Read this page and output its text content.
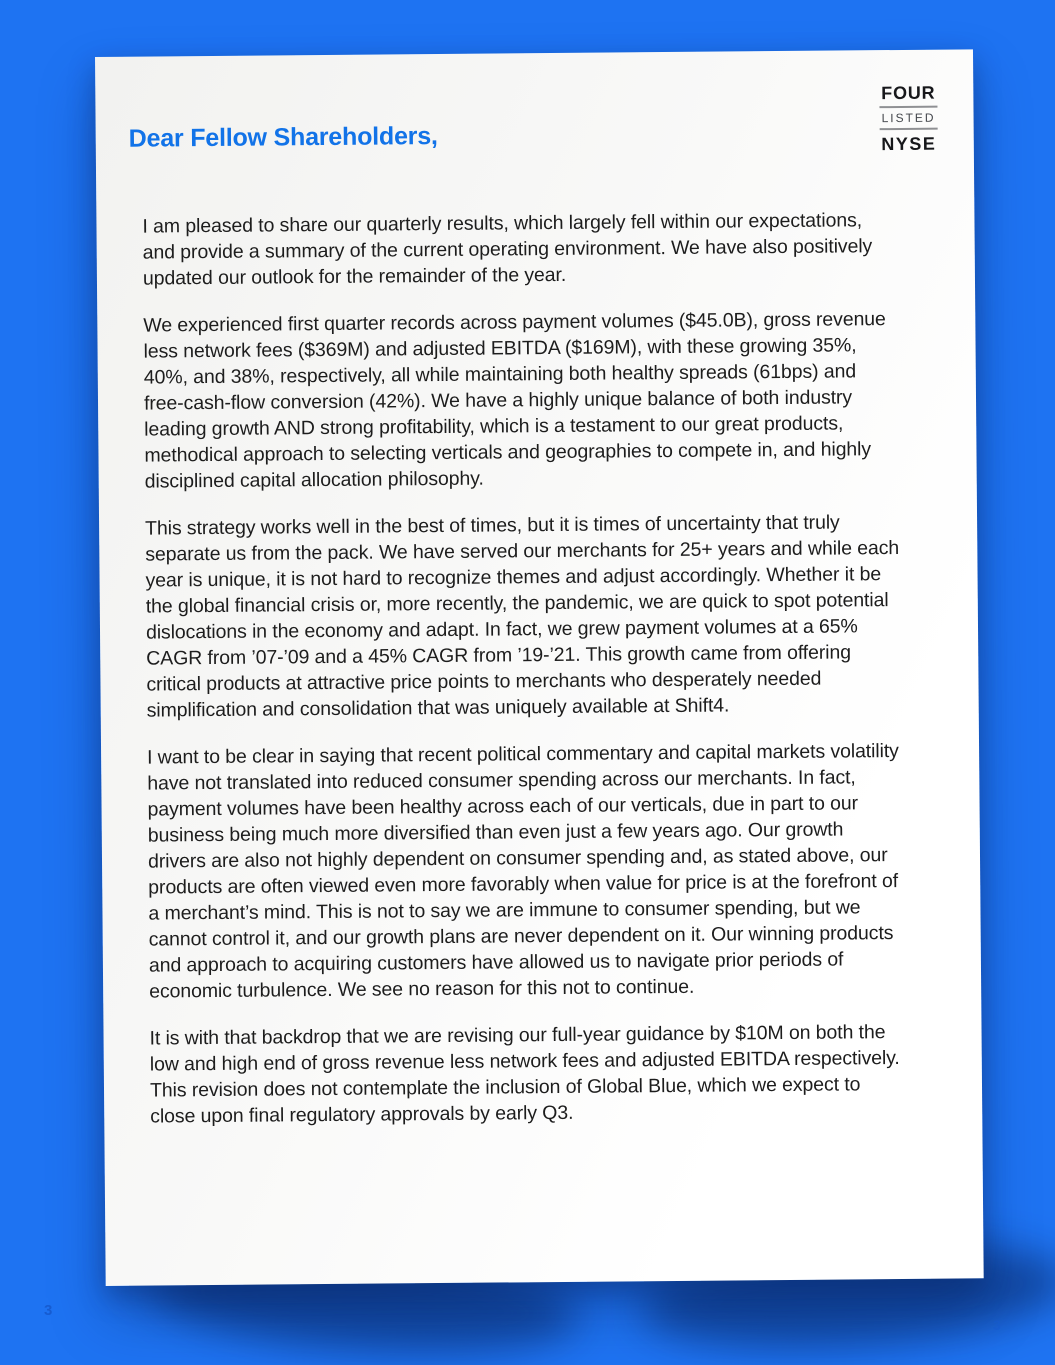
Dear Fellow Shareholders,
FOUR
LISTED
NYSE

I am pleased to share our quarterly results, which largely fell within our expectations, and provide a summary of the current operating environment. We have also positively updated our outlook for the remainder of the year.

We experienced first quarter records across payment volumes ($45.0B), gross revenue less network fees ($369M) and adjusted EBITDA ($169M), with these growing 35%, 40%, and 38%, respectively, all while maintaining both healthy spreads (61bps) and free-cash-flow conversion (42%). We have a highly unique balance of both industry leading growth AND strong profitability, which is a testament to our great products, methodical approach to selecting verticals and geographies to compete in, and highly disciplined capital allocation philosophy.

This strategy works well in the best of times, but it is times of uncertainty that truly separate us from the pack. We have served our merchants for 25+ years and while each year is unique, it is not hard to recognize themes and adjust accordingly. Whether it be the global financial crisis or, more recently, the pandemic, we are quick to spot potential dislocations in the economy and adapt. In fact, we grew payment volumes at a 65% CAGR from ’07-’09 and a 45% CAGR from ’19-’21. This growth came from offering critical products at attractive price points to merchants who desperately needed simplification and consolidation that was uniquely available at Shift4.

I want to be clear in saying that recent political commentary and capital markets volatility have not translated into reduced consumer spending across our merchants. In fact, payment volumes have been healthy across each of our verticals, due in part to our business being much more diversified than even just a few years ago. Our growth drivers are also not highly dependent on consumer spending and, as stated above, our products are often viewed even more favorably when value for price is at the forefront of a merchant’s mind. This is not to say we are immune to consumer spending, but we cannot control it, and our growth plans are never dependent on it. Our winning products and approach to acquiring customers have allowed us to navigate prior periods of economic turbulence. We see no reason for this not to continue.

It is with that backdrop that we are revising our full-year guidance by $10M on both the low and high end of gross revenue less network fees and adjusted EBITDA respectively. This revision does not contemplate the inclusion of Global Blue, which we expect to close upon final regulatory approvals by early Q3.

3
3
